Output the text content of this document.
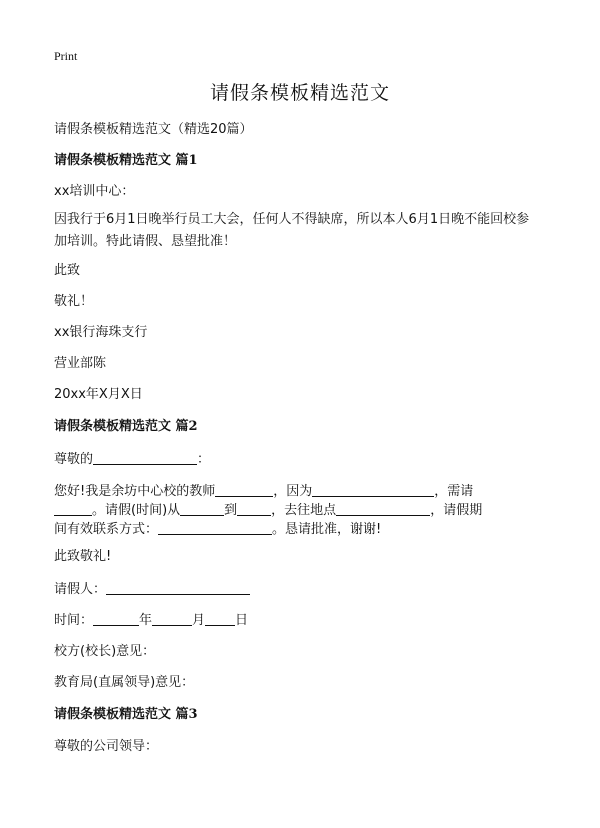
Print
请假条模板精选范文
请假条模板精选范文（精选20篇）
请假条模板精选范文 篇1
xx培训中心：
因我行于6月1日晚举行员工大会，任何人不得缺席，所以本人6月1日晚不能回校参
加培训。特此请假、恳望批准！
此致
敬礼！
xx银行海珠支行
营业部陈
20xx年X月X日
请假条模板精选范文 篇2
尊敬的	：
您好!我是余坊中心校的教师	，因为	，需请
。请假(时间)从	到	，去往地点	，请假期
间有效联系方式：	。恳请批准，谢谢!
此致敬礼!
请假人：
时间：	年	月 日
校方(校长)意见：
教育局(直属领导)意见：
请假条模板精选范文 篇3
尊敬的公司领导：
